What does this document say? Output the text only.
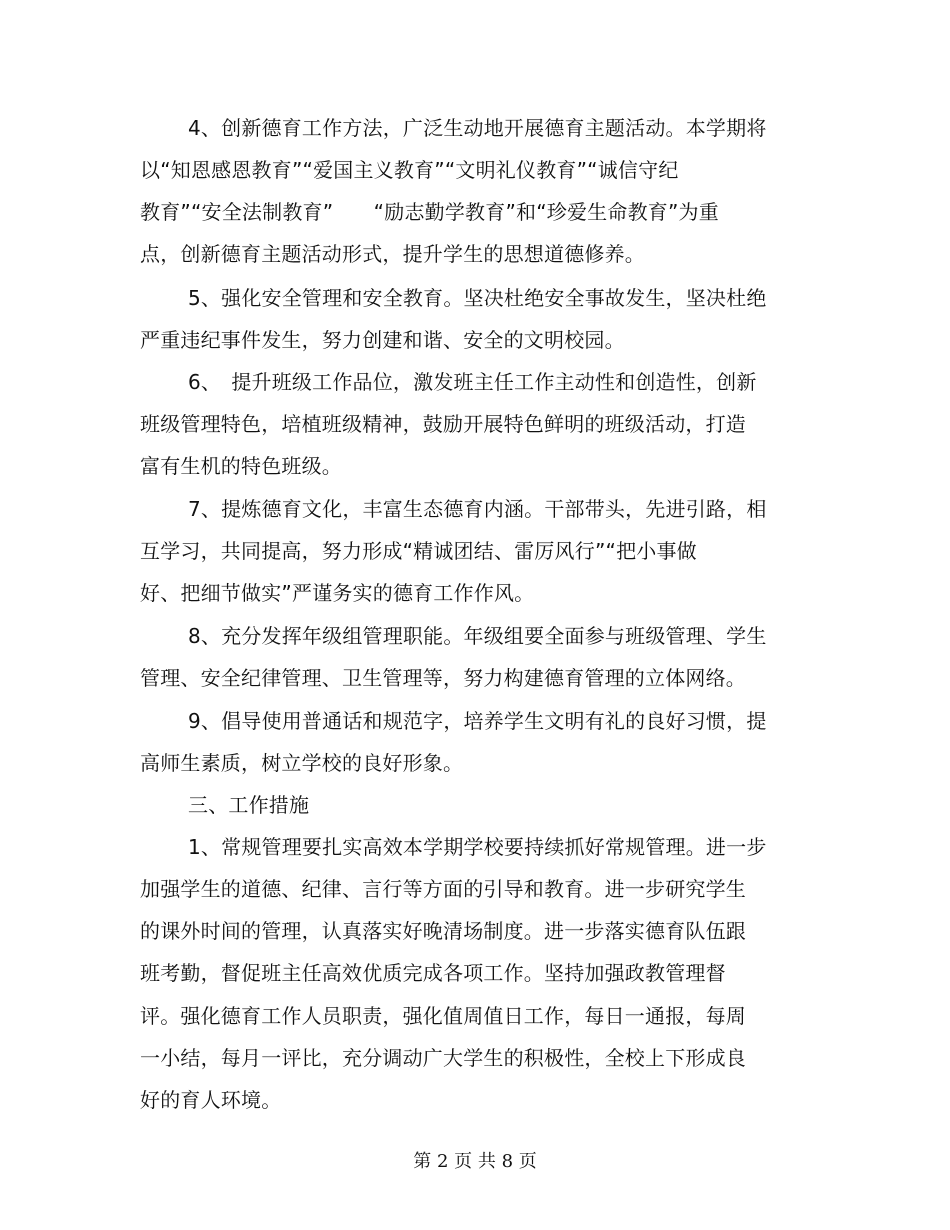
4、创新德育工作方法，广泛生动地开展德育主题活动。本学期将
以“知恩感恩教育”“爱国主义教育”“文明礼仪教育”“诚信守纪
教育”“安全法制教育”　　“励志勤学教育”和“珍爱生命教育”为重
点，创新德育主题活动形式，提升学生的思想道德修养。
5、强化安全管理和安全教育。坚决杜绝安全事故发生，坚决杜绝
严重违纪事件发生，努力创建和谐、安全的文明校园。
6、　提升班级工作品位，激发班主任工作主动性和创造性，创新
班级管理特色，培植班级精神，鼓励开展特色鲜明的班级活动，打造
富有生机的特色班级。
7、提炼德育文化，丰富生态德育内涵。干部带头，先进引路，相
互学习，共同提高，努力形成“精诚团结、雷厉风行”“把小事做
好、把细节做实”严谨务实的德育工作作风。
8、充分发挥年级组管理职能。年级组要全面参与班级管理、学生
管理、安全纪律管理、卫生管理等，努力构建德育管理的立体网络。
9、倡导使用普通话和规范字，培养学生文明有礼的良好习惯，提
高师生素质，树立学校的良好形象。
三、工作措施
1、常规管理要扎实高效本学期学校要持续抓好常规管理。进一步
加强学生的道德、纪律、言行等方面的引导和教育。进一步研究学生
的课外时间的管理，认真落实好晚清场制度。进一步落实德育队伍跟
班考勤，督促班主任高效优质完成各项工作。坚持加强政教管理督
评。强化德育工作人员职责，强化值周值日工作，每日一通报，每周
一小结，每月一评比，充分调动广大学生的积极性，全校上下形成良
好的育人环境。
第 2 页 共 8 页
